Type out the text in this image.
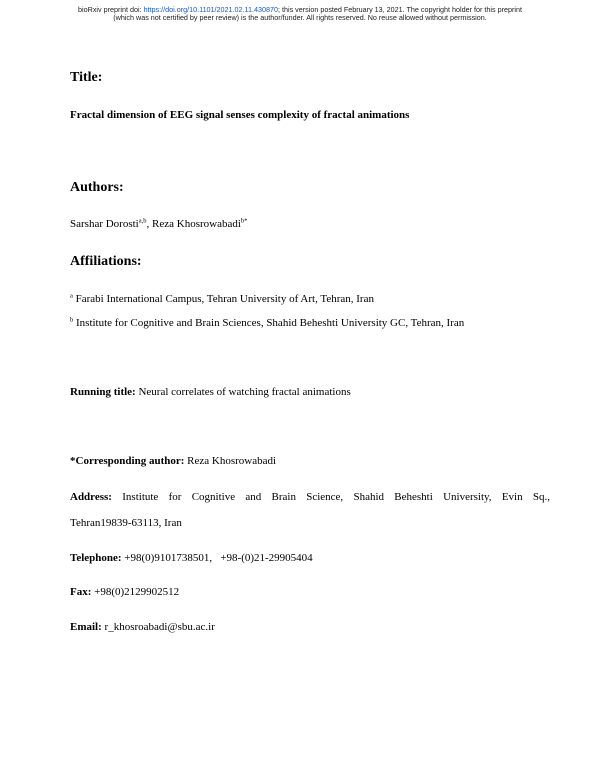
bioRxiv preprint doi: https://doi.org/10.1101/2021.02.11.430870; this version posted February 13, 2021. The copyright holder for this preprint
(which was not certified by peer review) is the author/funder. All rights reserved. No reuse allowed without permission.
Title:
Fractal dimension of EEG signal senses complexity of fractal animations
Authors:
Sarshar Dorosti$^{a,b}$, Reza Khosrowabadi$^{b*}$
Affiliations:
$^a$ Farabi International Campus, Tehran University of Art, Tehran, Iran
$^b$ Institute for Cognitive and Brain Sciences, Shahid Beheshti University GC, Tehran, Iran
Running title: Neural correlates of watching fractal animations
*Corresponding author: Reza Khosrowabadi
Address: Institute for Cognitive and Brain Science, Shahid Beheshti University, Evin Sq.,
Tehran19839-63113, Iran
Telephone: +98(0)9101738501,   +98-(0)21-29905404
Fax: +98(0)2129902512
Email: r_khosroabadi@sbu.ac.ir
